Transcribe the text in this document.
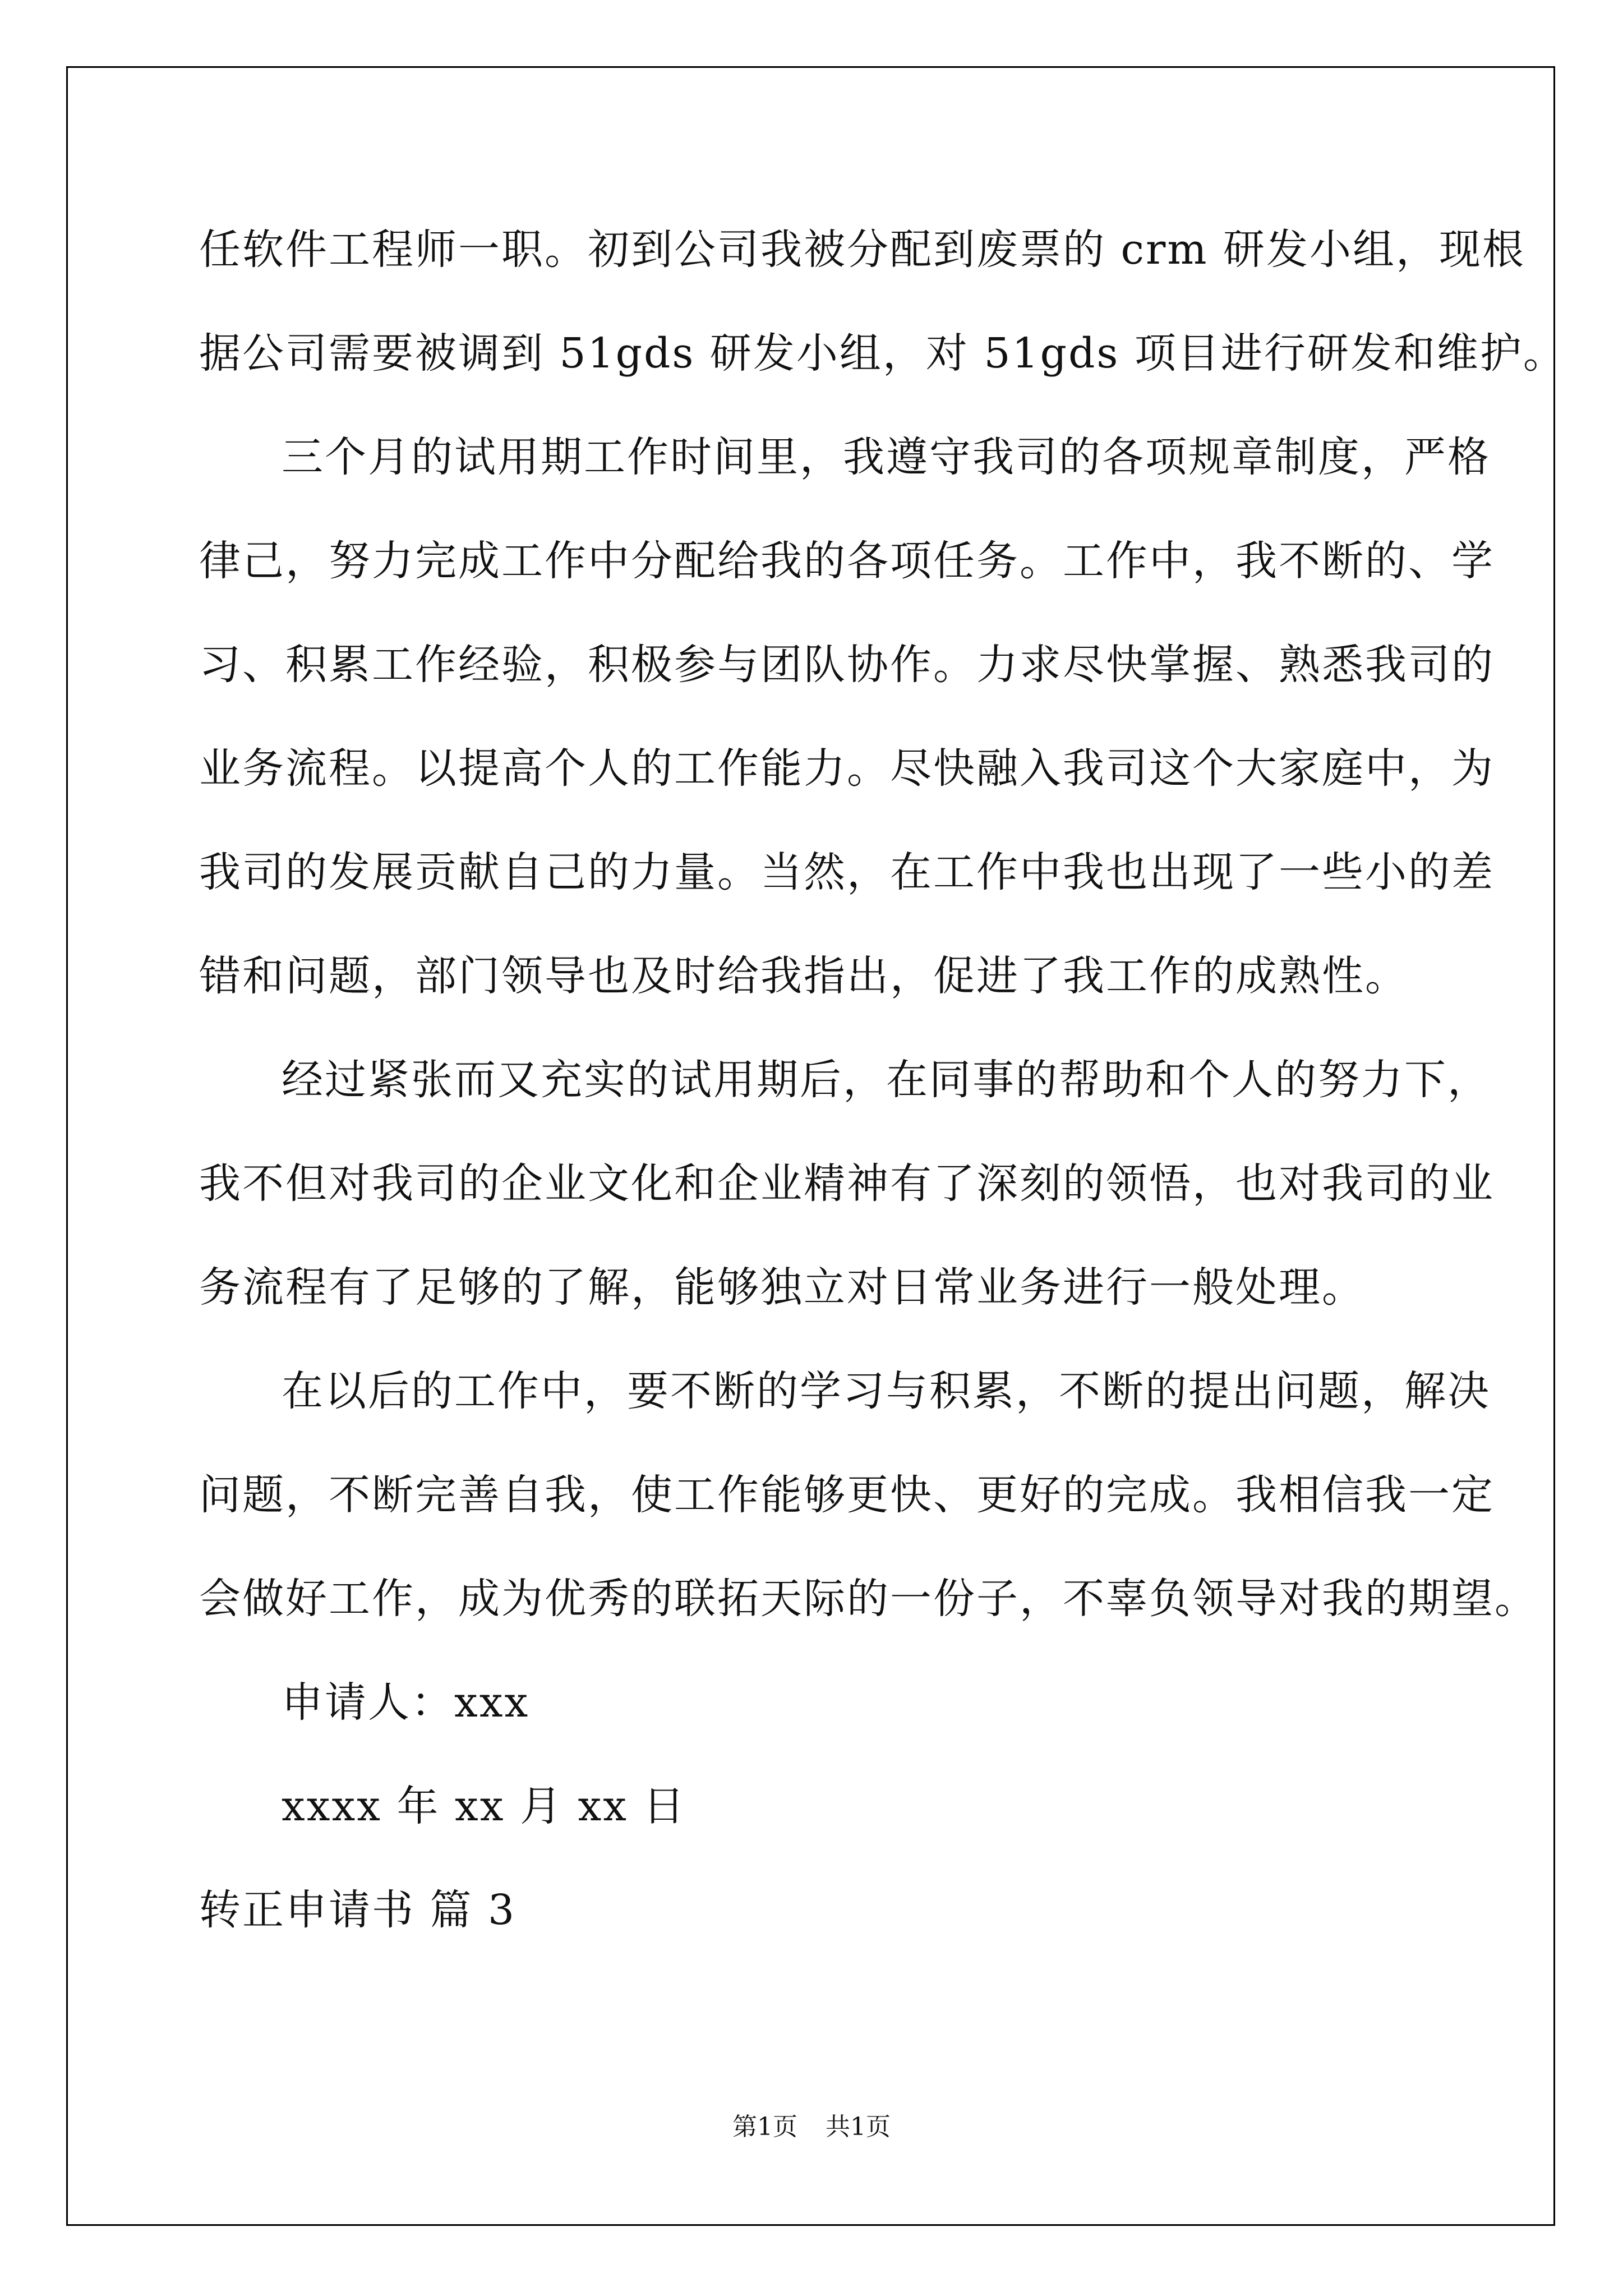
任软件工程师一职。初到公司我被分配到废票的 crm 研发小组，现根

据公司需要被调到 51gds 研发小组，对 51gds 项目进行研发和维护。

三个月的试用期工作时间里，我遵守我司的各项规章制度，严格

律己，努力完成工作中分配给我的各项任务。工作中，我不断的、学

习、积累工作经验，积极参与团队协作。力求尽快掌握、熟悉我司的

业务流程。以提高个人的工作能力。尽快融入我司这个大家庭中，为

我司的发展贡献自己的力量。当然，在工作中我也出现了一些小的差

错和问题，部门领导也及时给我指出，促进了我工作的成熟性。

经过紧张而又充实的试用期后，在同事的帮助和个人的努力下，

我不但对我司的企业文化和企业精神有了深刻的领悟，也对我司的业

务流程有了足够的了解，能够独立对日常业务进行一般处理。

在以后的工作中，要不断的学习与积累，不断的提出问题，解决

问题，不断完善自我，使工作能够更快、更好的完成。我相信我一定

会做好工作，成为优秀的联拓天际的一份子，不辜负领导对我的期望。

申请人：xxx

xxxx 年 xx 月 xx 日

转正申请书 篇 3

第1页 共1页
